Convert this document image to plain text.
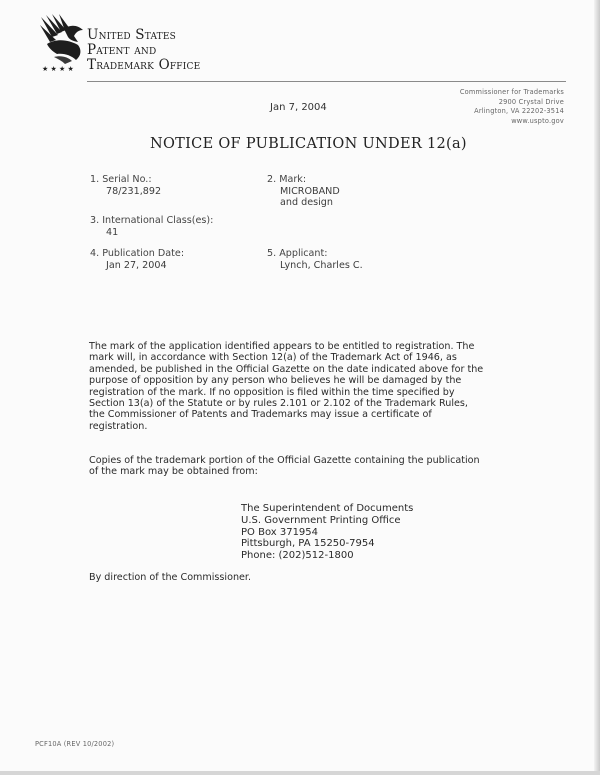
★ ★ ★ ★
United States
Patent and
Trademark Office
Commissioner for Trademarks
2900 Crystal Drive
Arlington, VA 22202-3514
www.uspto.gov
Jan 7, 2004
NOTICE OF PUBLICATION UNDER 12(a)
1. Serial No.:
78/231,892
2. Mark:
MICROBAND
and design
3. International Class(es):
41
4. Publication Date:
Jan 27, 2004
5. Applicant:
Lynch, Charles C.
The mark of the application identified appears to be entitled to registration. The
mark will, in accordance with Section 12(a) of the Trademark Act of 1946, as
amended, be published in the Official Gazette on the date indicated above for the
purpose of opposition by any person who believes he will be damaged by the
registration of the mark. If no opposition is filed within the time specified by
Section 13(a) of the Statute or by rules 2.101 or 2.102 of the Trademark Rules,
the Commissioner of Patents and Trademarks may issue a certificate of
registration.
Copies of the trademark portion of the Official Gazette containing the publication
of the mark may be obtained from:
The Superintendent of Documents
U.S. Government Printing Office
PO Box 371954
Pittsburgh, PA 15250-7954
Phone: (202)512-1800
By direction of the Commissioner.
PCF10A (REV 10/2002)
